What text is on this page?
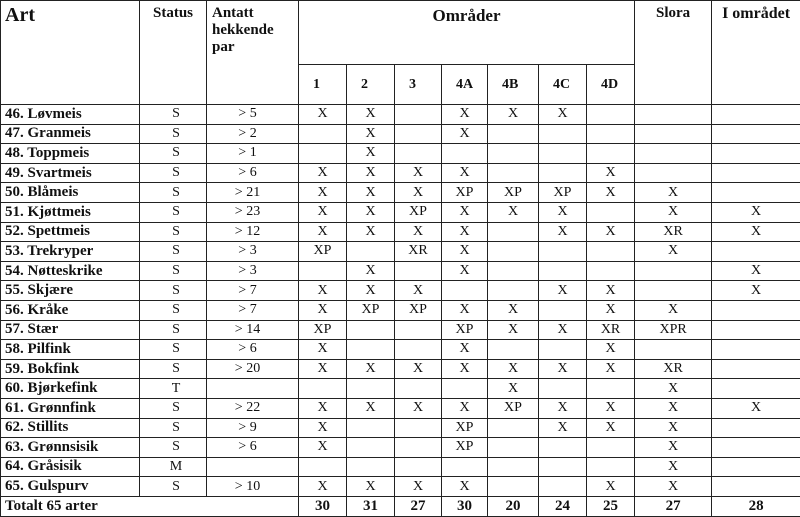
Art	Status	Antatt hekkende par	Områder							Slora	I området
			1	2	3	4A	4B	4C	4D		
46. Løvmeis	S	> 5	X	X		X	X	X			
47. Granmeis	S	> 2		X		X					
48. Toppmeis	S	> 1		X							
49. Svartmeis	S	> 6	X	X	X	X			X		
50. Blåmeis	S	> 21	X	X	X	XP	XP	XP	X	X	
51. Kjøttmeis	S	> 23	X	X	XP	X	X	X		X	X
52. Spettmeis	S	> 12	X	X	X	X		X	X	XR	X
53. Trekryper	S	> 3	XP		XR	X				X	
54. Nøtteskrike	S	> 3		X		X					X
55. Skjære	S	> 7	X	X	X			X	X		X
56. Kråke	S	> 7	X	XP	XP	X	X		X	X	
57. Stær	S	> 14	XP			XP	X	X	XR	XPR	
58. Pilfink	S	> 6	X			X			X		
59. Bokfink	S	> 20	X	X	X	X	X	X	X	XR	
60. Bjørkefink	T						X			X	
61. Grønnfink	S	> 22	X	X	X	X	XP	X	X	X	X
62. Stillits	S	> 9	X			XP		X	X	X	
63. Grønnsisik	S	> 6	X			XP				X	
64. Gråsisik	M									X	
65. Gulspurv	S	> 10	X	X	X	X			X	X	
Totalt 65 arter			30	31	27	30	20	24	25	27	28
